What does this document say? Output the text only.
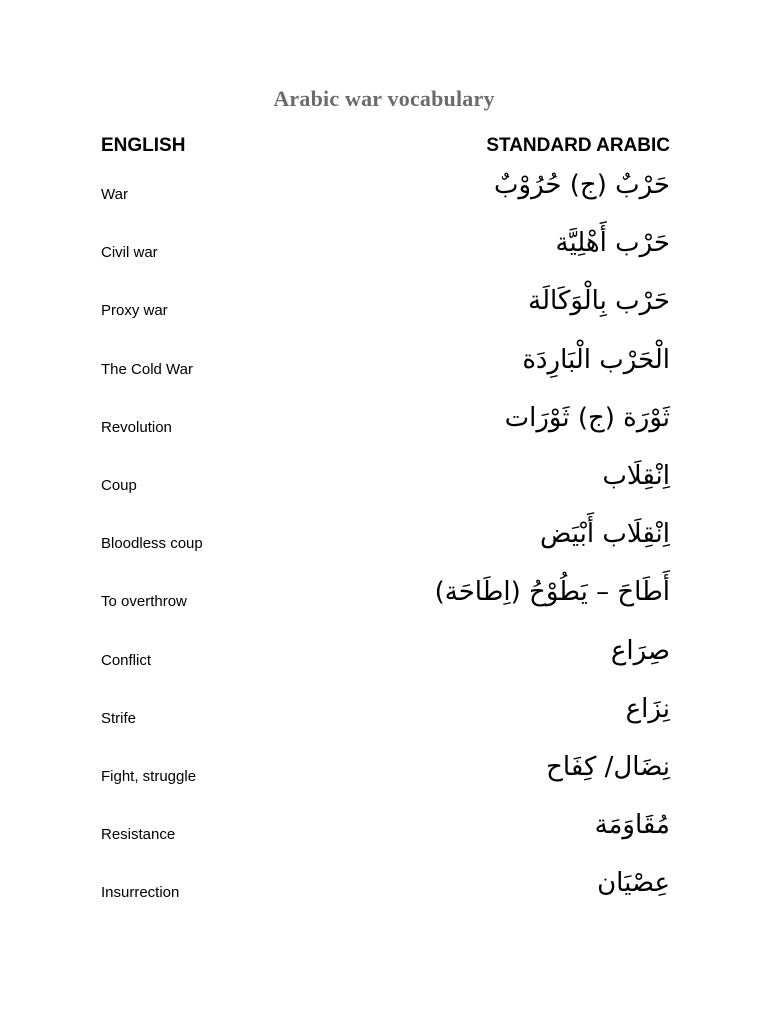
Arabic war vocabulary
ENGLISH	STANDARD ARABIC
War	حَرْبٌ (ج) حُرُوْبٌ
Civil war	حَرْب أَهْلِيَّة
Proxy war	حَرْب بِالْوَكَالَة
The Cold War	الْحَرْب الْبَارِدَة
Revolution	ثَوْرَة (ج) ثَوْرَات
Coup	اِنْقِلَاب
Bloodless coup	اِنْقِلَاب أَبْيَض
To overthrow	أَطَاحَ – يَطُوْحُ (اِطَاحَة)
Conflict	صِرَاع
Strife	نِزَاع
Fight, struggle	نِضَال/ كِفَاح
Resistance	مُقَاوَمَة
Insurrection	عِصْيَان
